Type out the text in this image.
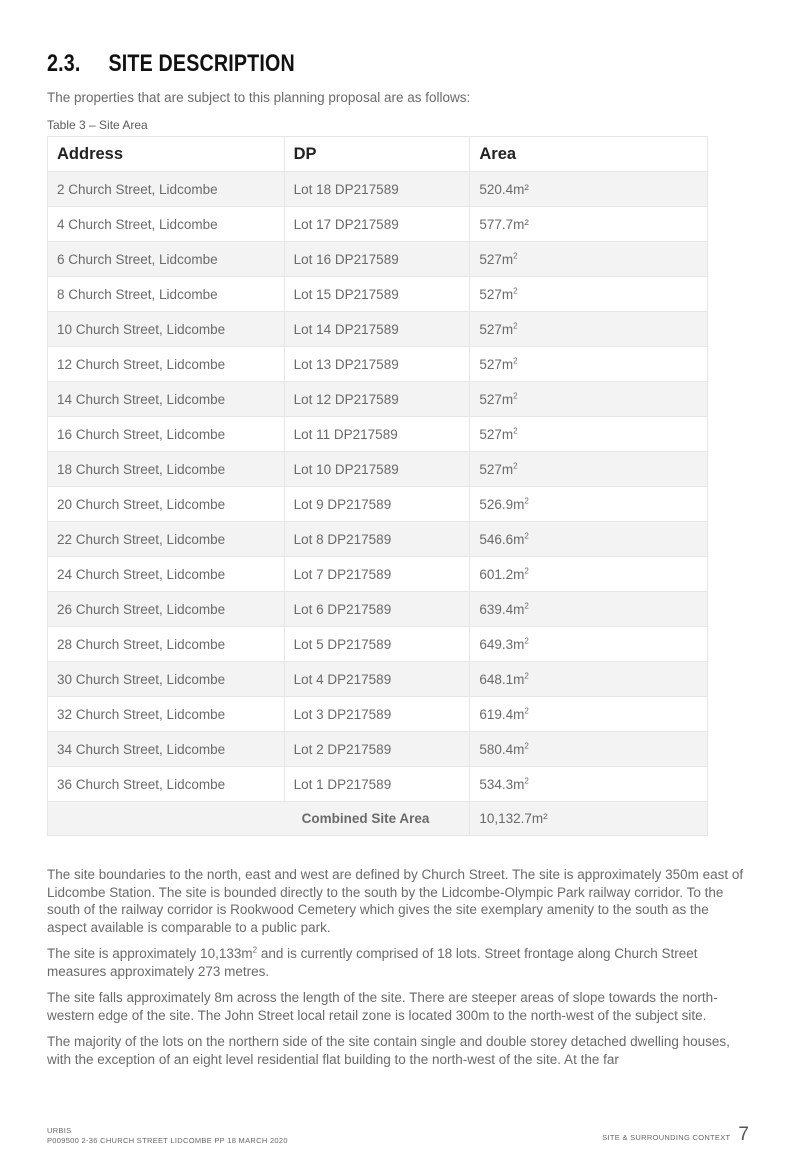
2.3. SITE DESCRIPTION
The properties that are subject to this planning proposal are as follows:
Table 3 – Site Area
Address	DP	Area
2 Church Street, Lidcombe	Lot 18 DP217589	520.4m²
4 Church Street, Lidcombe	Lot 17 DP217589	577.7m²
6 Church Street, Lidcombe	Lot 16 DP217589	$527m^2$
8 Church Street, Lidcombe	Lot 15 DP217589	$527m^2$
10 Church Street, Lidcombe	Lot 14 DP217589	$527m^2$
12 Church Street, Lidcombe	Lot 13 DP217589	$527m^2$
14 Church Street, Lidcombe	Lot 12 DP217589	$527m^2$
16 Church Street, Lidcombe	Lot 11 DP217589	$527m^2$
18 Church Street, Lidcombe	Lot 10 DP217589	$527m^2$
20 Church Street, Lidcombe	Lot 9 DP217589	$526.9m^2$
22 Church Street, Lidcombe	Lot 8 DP217589	$546.6m^2$
24 Church Street, Lidcombe	Lot 7 DP217589	$601.2m^2$
26 Church Street, Lidcombe	Lot 6 DP217589	$639.4m^2$
28 Church Street, Lidcombe	Lot 5 DP217589	$649.3m^2$
30 Church Street, Lidcombe	Lot 4 DP217589	$648.1m^2$
32 Church Street, Lidcombe	Lot 3 DP217589	$619.4m^2$
34 Church Street, Lidcombe	Lot 2 DP217589	$580.4m^2$
36 Church Street, Lidcombe	Lot 1 DP217589	$534.3m^2$
Combined Site Area		10,132.7m²

The site boundaries to the north, east and west are defined by Church Street. The site is approximately 350m east of Lidcombe Station. The site is bounded directly to the south by the Lidcombe-Olympic Park railway corridor. To the south of the railway corridor is Rookwood Cemetery which gives the site exemplary amenity to the south as the aspect available is comparable to a public park.

The site is approximately $10,133m^2$ and is currently comprised of 18 lots. Street frontage along Church Street measures approximately 273 metres.

The site falls approximately 8m across the length of the site. There are steeper areas of slope towards the north-western edge of the site. The John Street local retail zone is located 300m to the north-west of the subject site.

The majority of the lots on the northern side of the site contain single and double storey detached dwelling houses, with the exception of an eight level residential flat building to the north-west of the site. At the far

URBIS
P009500 2-36 CHURCH STREET LIDCOMBE PP 18 MARCH 2020	SITE & SURROUNDING CONTEXT 7
